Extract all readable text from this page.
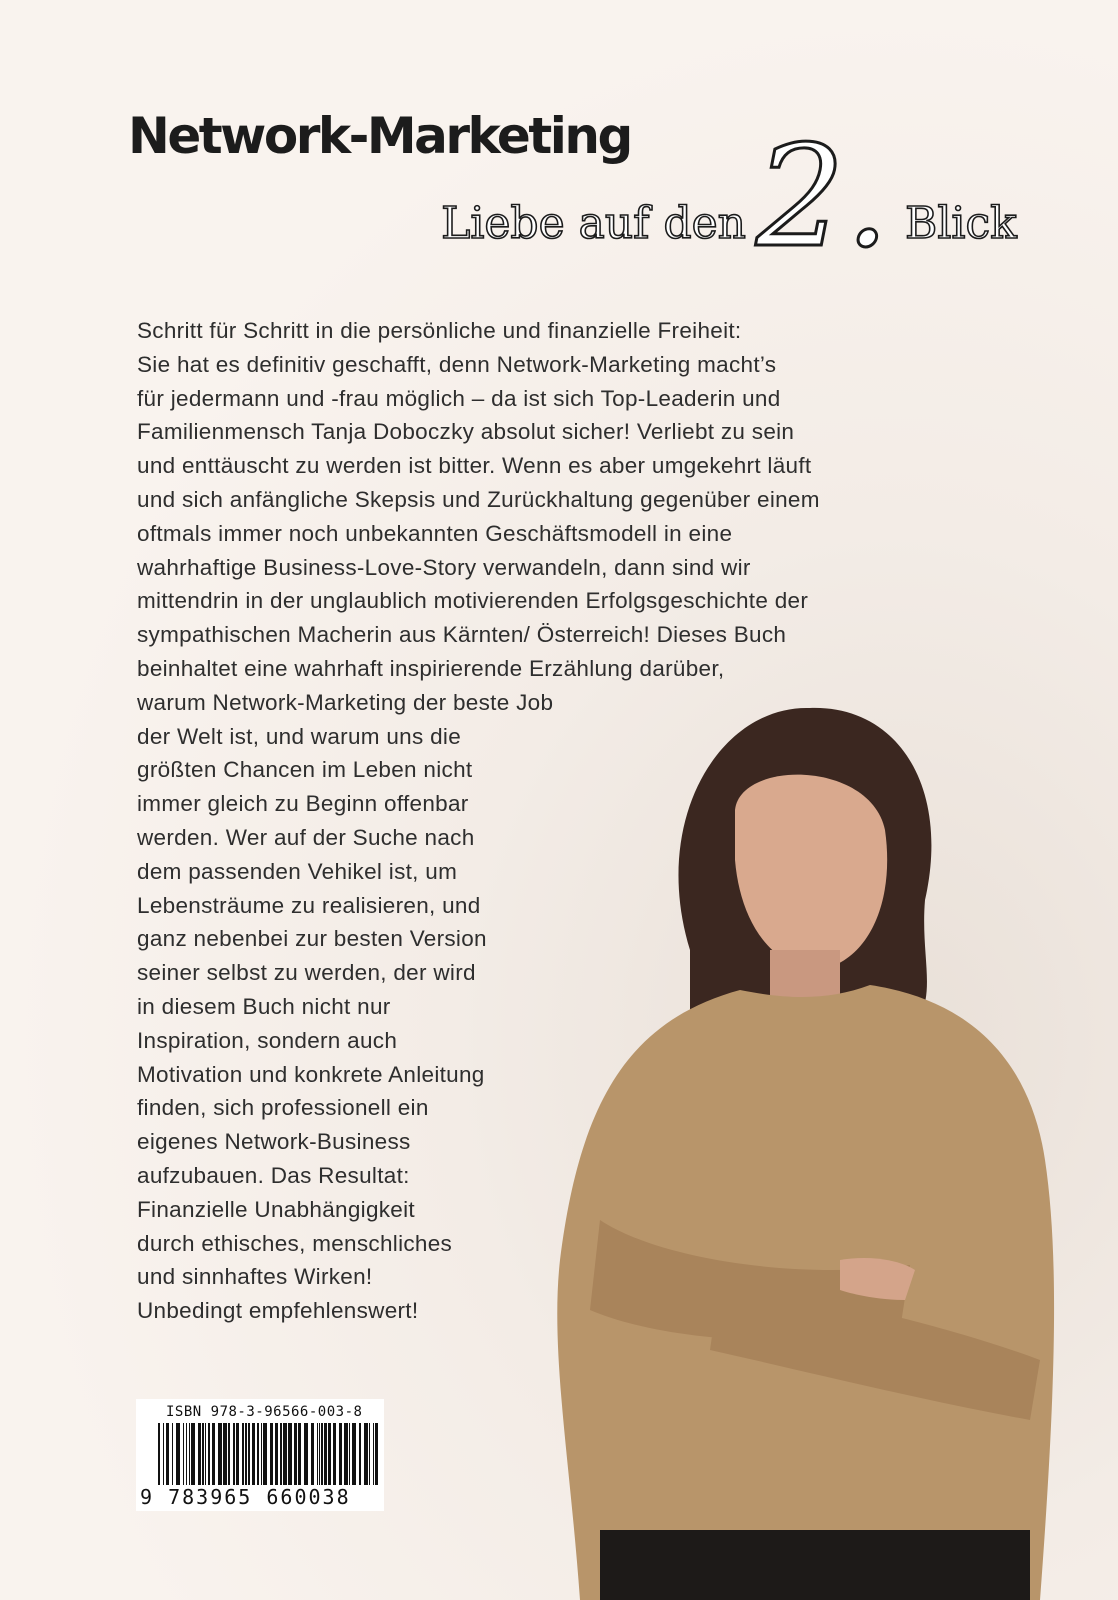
Network-Marketing
Liebe auf den 2. Blick
Schritt für Schritt in die persönliche und finanzielle Freiheit:
Sie hat es definitiv geschafft, denn Network-Marketing macht’s
für jedermann und -frau möglich – da ist sich Top-Leaderin und
Familienmensch Tanja Doboczky absolut sicher! Verliebt zu sein
und enttäuscht zu werden ist bitter. Wenn es aber umgekehrt läuft
und sich anfängliche Skepsis und Zurückhaltung gegenüber einem
oftmals immer noch unbekannten Geschäftsmodell in eine
wahrhaftige Business-Love-Story verwandeln, dann sind wir
mittendrin in der unglaublich motivierenden Erfolgsgeschichte der
sympathischen Macherin aus Kärnten/ Österreich! Dieses Buch
beinhaltet eine wahrhaft inspirierende Erzählung darüber,
warum Network-Marketing der beste Job
der Welt ist, und warum uns die
größten Chancen im Leben nicht
immer gleich zu Beginn offenbar
werden. Wer auf der Suche nach
dem passenden Vehikel ist, um
Lebensträume zu realisieren, und
ganz nebenbei zur besten Version
seiner selbst zu werden, der wird
in diesem Buch nicht nur
Inspiration, sondern auch
Motivation und konkrete Anleitung
finden, sich professionell ein
eigenes Network-Business
aufzubauen. Das Resultat:
Finanzielle Unabhängigkeit
durch ethisches, menschliches
und sinnhaftes Wirken!
Unbedingt empfehlenswert!
ISBN 978-3-96566-003-8
9 783965 660038
